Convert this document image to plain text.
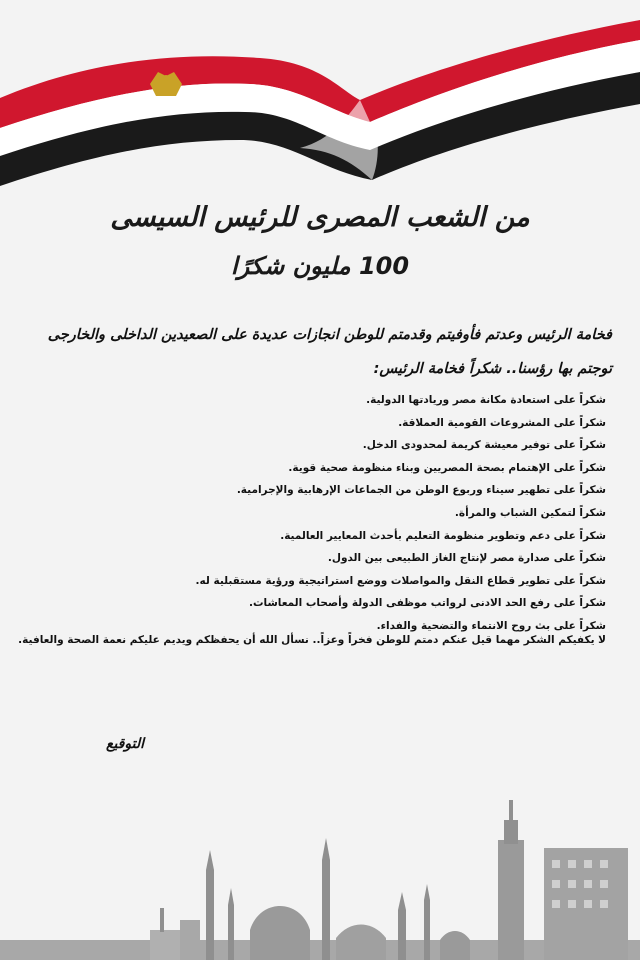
من الشعب المصرى للرئيس السيسى
100 مليون شكرًا
فخامة الرئيس وعدتم فأوفيتم وقدمتم للوطن انجازات عديدة على الصعيدين الداخلى والخارجى توجتم بها رؤسنا.. شكراً فخامة الرئيس:
شكراً على استعادة مكانة مصر وريادتها الدولية.
شكراً على المشروعات القومية العملاقة.
شكراً على توفير معيشة كريمة لمحدودى الدخل.
شكراً على الإهتمام بصحة المصريين وبناء منظومة صحية قوية.
شكراً على تطهير سيناء وربوع الوطن من الجماعات الإرهابية والإجرامية.
شكراً لتمكين الشباب والمرأة.
شكراً على دعم وتطوير منظومة التعليم بأحدث المعايير العالمية.
شكراً على صدارة مصر لإنتاج الغاز الطبيعى بين الدول.
شكراً على تطوير قطاع النقل والمواصلات ووضع استراتيجية ورؤية مستقبلية له.
شكراً على رفع الحد الادنى لرواتب موظفى الدولة وأصحاب المعاشات.
شكراً على بث روح الانتماء والتضحية والفداء.
لا يكفيكم الشكر مهما قيل عنكم دمتم للوطن فخراً وعزاً.. نسأل الله أن يحفظكم ويديم عليكم نعمة الصحة والعافية.
التوقيع
